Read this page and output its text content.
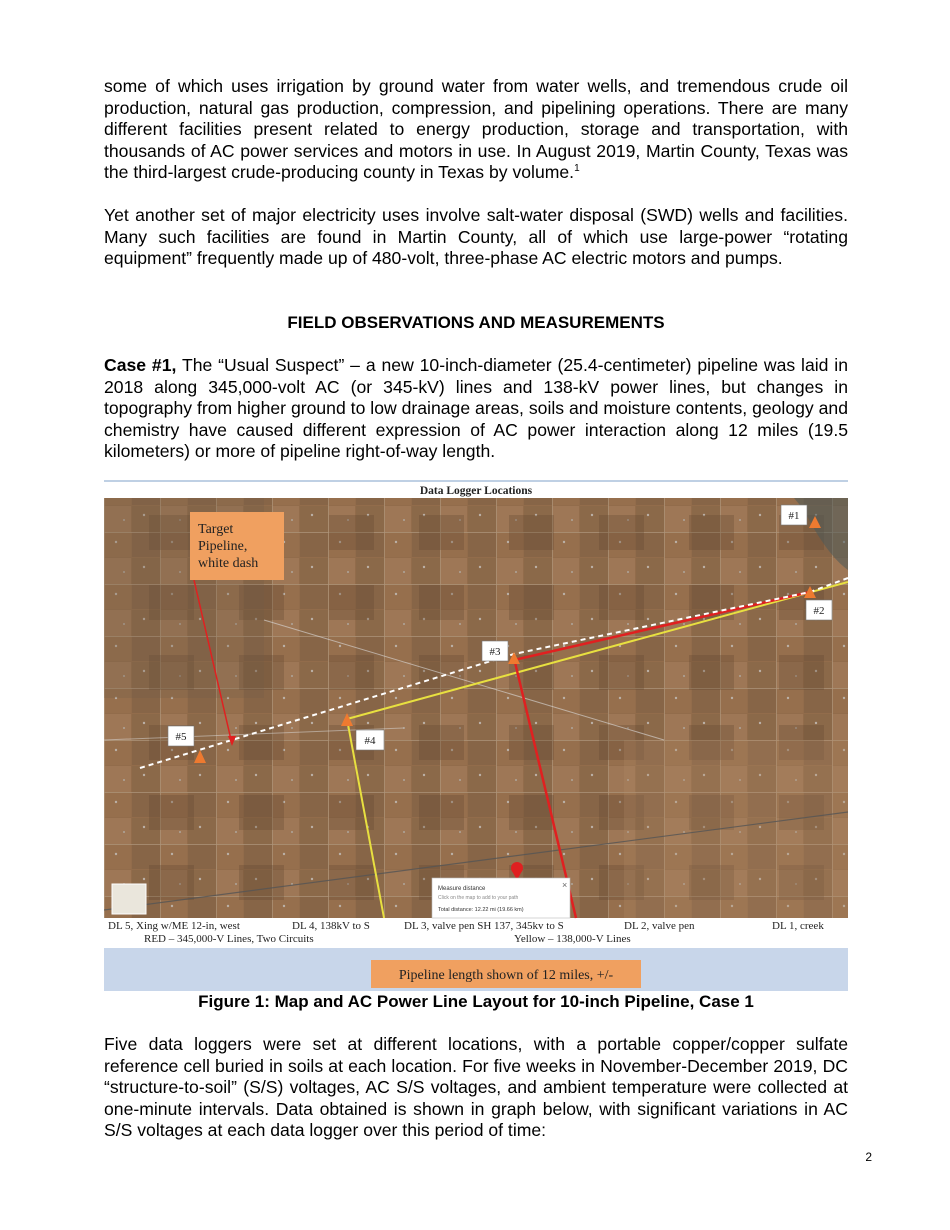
some of which uses irrigation by ground water from water wells, and tremendous crude oil production, natural gas production, compression, and pipelining operations. There are many different facilities present related to energy production, storage and transportation, with thousands of AC power services and motors in use. In August 2019, Martin County, Texas was the third-largest crude-producing county in Texas by volume.$^1$

Yet another set of major electricity uses involve salt-water disposal (SWD) wells and facilities. Many such facilities are found in Martin County, all of which use large-power “rotating equipment” frequently made up of 480-volt, three-phase AC electric motors and pumps.

FIELD OBSERVATIONS AND MEASUREMENTS

Case #1, The “Usual Suspect” – a new 10-inch-diameter (25.4-centimeter) pipeline was laid in 2018 along 345,000-volt AC (or 345-kV) lines and 138-kV power lines, but changes in topography from higher ground to low drainage areas, soils and moisture contents, geology and chemistry have caused different expression of AC power interaction along 12 miles (19.5 kilometers) or more of pipeline right-of-way length.

Data Logger Locations
Target
Pipeline,
white dash
#1
#2
#3
#4
#5
Measure distance
Click on the map to add to your path
Total distance: 12.22 mi (19.66 km)
×
DL 5, Xing w/ME 12-in, west	DL 4, 138kV to S	DL 3, valve pen SH 137, 345kv to S	DL 2, valve pen	DL 1, creek
RED – 345,000-V Lines, Two Circuits	Yellow – 138,000-V Lines
Pipeline length shown of 12 miles, +/-

Figure 1: Map and AC Power Line Layout for 10-inch Pipeline, Case 1

Five data loggers were set at different locations, with a portable copper/copper sulfate reference cell buried in soils at each location. For five weeks in November-December 2019, DC “structure-to-soil” (S/S) voltages, AC S/S voltages, and ambient temperature were collected at one-minute intervals. Data obtained is shown in graph below, with significant variations in AC S/S voltages at each data logger over this period of time:

2
